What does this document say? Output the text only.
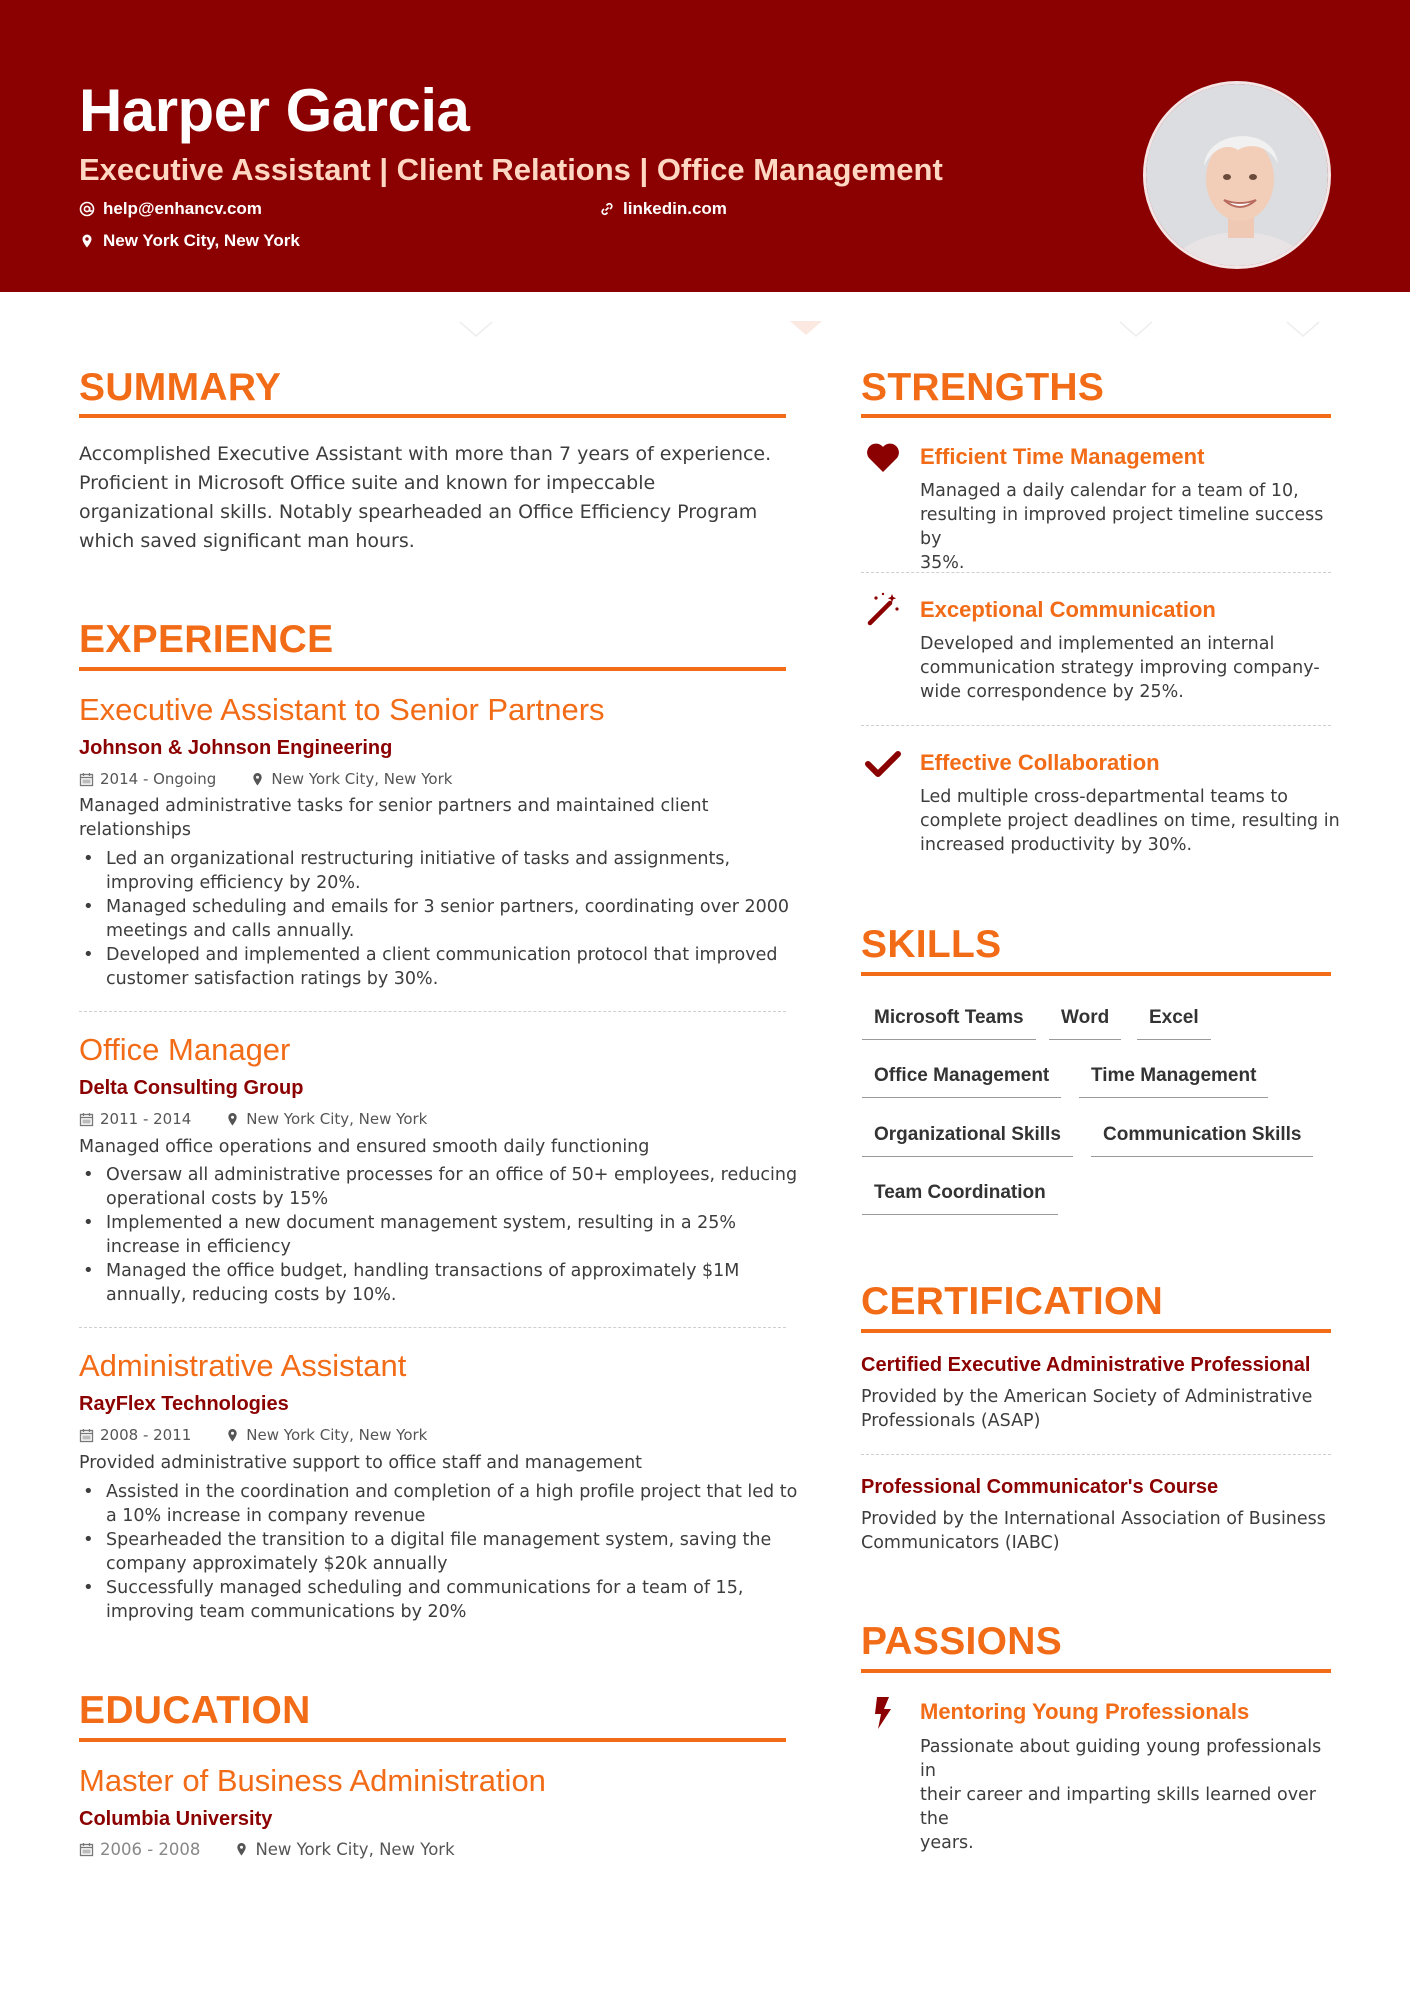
Harper Garcia
Executive Assistant | Client Relations | Office Management
help@enhancv.com	linkedin.com
New York City, New York
SUMMARY
Accomplished Executive Assistant with more than 7 years of experience.
Proficient in Microsoft Office suite and known for impeccable
organizational skills. Notably spearheaded an Office Efficiency Program
which saved significant man hours.
EXPERIENCE
Executive Assistant to Senior Partners
Johnson & Johnson Engineering
2014 - Ongoing	New York City, New York
Managed administrative tasks for senior partners and maintained client relationships
• Led an organizational restructuring initiative of tasks and assignments, improving efficiency by 20%.
• Managed scheduling and emails for 3 senior partners, coordinating over 2000 meetings and calls annually.
• Developed and implemented a client communication protocol that improved customer satisfaction ratings by 30%.
Office Manager
Delta Consulting Group
2011 - 2014	New York City, New York
Managed office operations and ensured smooth daily functioning
• Oversaw all administrative processes for an office of 50+ employees, reducing operational costs by 15%
• Implemented a new document management system, resulting in a 25% increase in efficiency
• Managed the office budget, handling transactions of approximately $1M annually, reducing costs by 10%.
Administrative Assistant
RayFlex Technologies
2008 - 2011	New York City, New York
Provided administrative support to office staff and management
• Assisted in the coordination and completion of a high profile project that led to a 10% increase in company revenue
• Spearheaded the transition to a digital file management system, saving the company approximately $20k annually
• Successfully managed scheduling and communications for a team of 15, improving team communications by 20%
EDUCATION
Master of Business Administration
Columbia University
2006 - 2008	New York City, New York
STRENGTHS
Efficient Time Management
Managed a daily calendar for a team of 10,
resulting in improved project timeline success by
35%.
Exceptional Communication
Developed and implemented an internal
communication strategy improving company-
wide correspondence by 25%.
Effective Collaboration
Led multiple cross-departmental teams to
complete project deadlines on time, resulting in
increased productivity by 30%.
SKILLS
Microsoft Teams	Word	Excel
Office Management	Time Management
Organizational Skills	Communication Skills
Team Coordination
CERTIFICATION
Certified Executive Administrative Professional
Provided by the American Society of Administrative
Professionals (ASAP)
Professional Communicator's Course
Provided by the International Association of Business
Communicators (IABC)
PASSIONS
Mentoring Young Professionals
Passionate about guiding young professionals in
their career and imparting skills learned over the
years.
